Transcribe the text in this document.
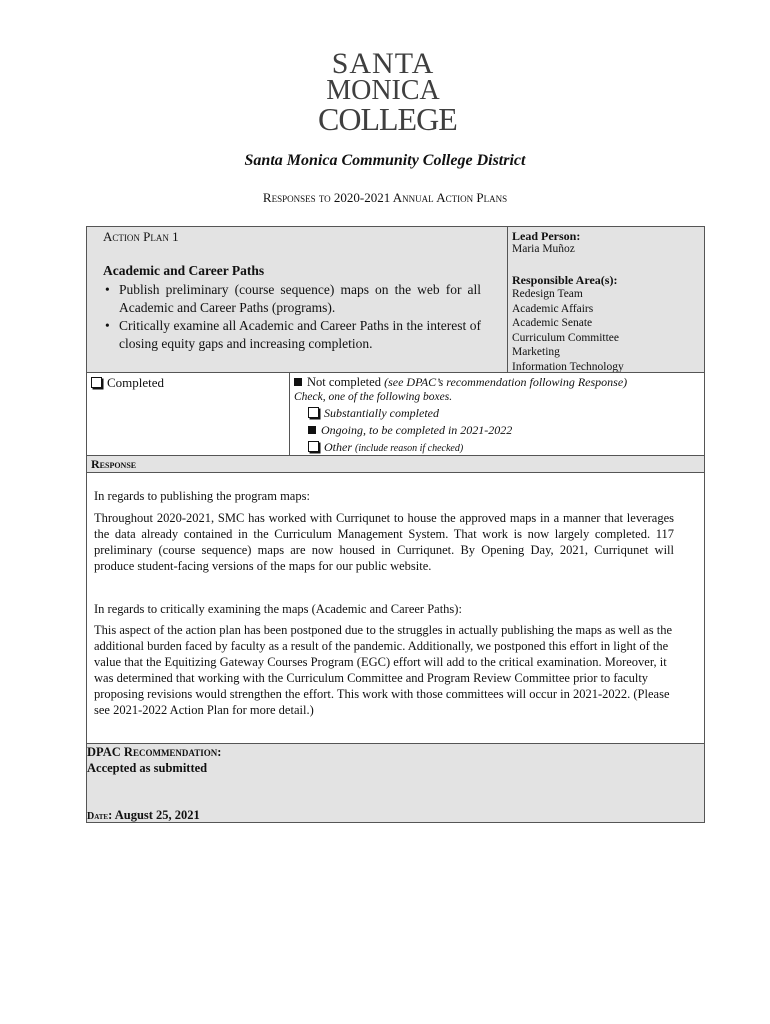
SANTA
MONICA
COLLEGE
Santa Monica Community College District
Responses to 2020-2021 Annual Action Plans
Action Plan 1
Academic and Career Paths
• Publish preliminary (course sequence) maps on the web for all Academic and Career Paths (programs).
• Critically examine all Academic and Career Paths in the interest of closing equity gaps and increasing completion.
Lead Person:
Maria Muñoz
Responsible Area(s):
Redesign Team
Academic Affairs
Academic Senate
Curriculum Committee
Marketing
Information Technology
Completed	Not completed (see DPAC’s recommendation following Response)
Check, one of the following boxes.
Substantially completed
Ongoing, to be completed in 2021-2022
Other (include reason if checked)
Response

In regards to publishing the program maps:

Throughout 2020-2021, SMC has worked with Curriqunet to house the approved maps in a manner that leverages the data already contained in the Curriculum Management System. That work is now largely completed. 117 preliminary (course sequence) maps are now housed in Curriqunet. By Opening Day, 2021, Curriqunet will produce student-facing versions of the maps for our public website.

In regards to critically examining the maps (Academic and Career Paths):

This aspect of the action plan has been postponed due to the struggles in actually publishing the maps as well as the additional burden faced by faculty as a result of the pandemic. Additionally, we postponed this effort in light of the value that the Equitizing Gateway Courses Program (EGC) effort will add to the critical examination. Moreover, it was determined that working with the Curriculum Committee and Program Review Committee prior to faculty proposing revisions would strengthen the effort. This work with those committees will occur in 2021-2022. (Please see 2021-2022 Action Plan for more detail.)

DPAC Recommendation:
Accepted as submitted
Date: August 25, 2021
